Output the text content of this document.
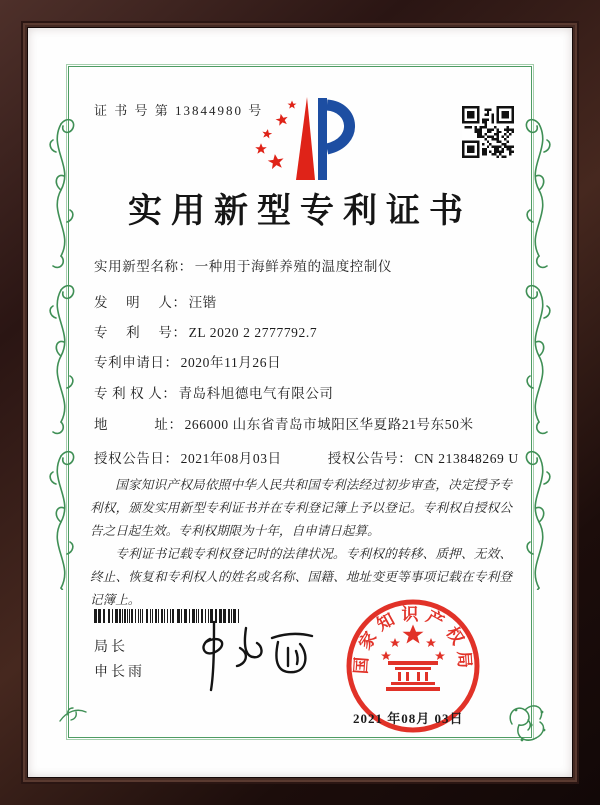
证 书 号 第 13844980 号
实用新型专利证书
实用新型名称： 一种用于海鲜养殖的温度控制仪
发　 明　 人： 汪锴
专　 利　 号： ZL 2020 2 2777792.7
专利申请日： 2020年11月26日
专 利 权 人： 青岛科旭德电气有限公司
地　　　 址： 266000 山东省青岛市城阳区华夏路21号东50米
授权公告日： 2021年08月03日	授权公告号： CN 213848269 U

国家知识产权局依照中华人民共和国专利法经过初步审查，决定授予专利权，颁发实用新型专利证书并在专利登记簿上予以登记。专利权自授权公告之日起生效。专利权期限为十年，自申请日起算。

专利证书记载专利权登记时的法律状况。专利权的转移、质押、无效、终止、恢复和专利权人的姓名或名称、国籍、地址变更等事项记载在专利登记簿上。

局长
申长雨	国家知识产权局
2021 年08月 03日
